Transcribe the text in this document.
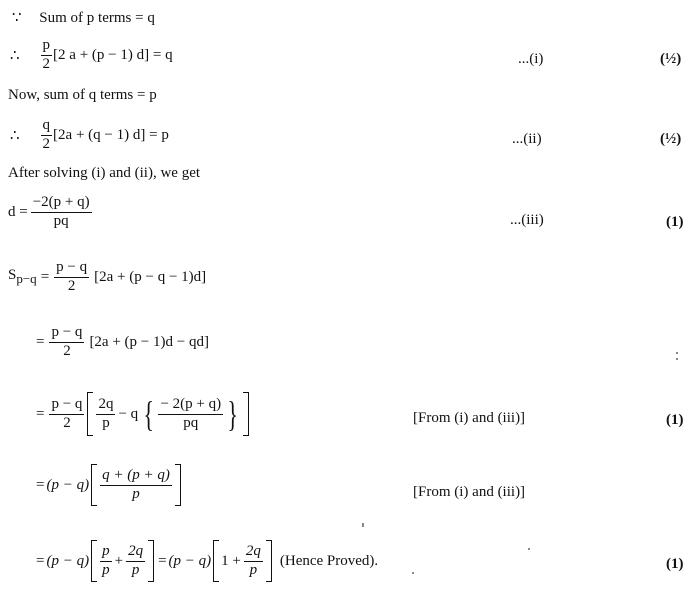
∵ Sum of p terms = q
∴ $\frac{p}{2} [2$ a + (p − 1) d] = q	...(i)	(½)
Now, sum of q terms = p
∴ $\frac{q}{2} [2a + (q - 1) d] = p$	...(ii)	(½)
After solving (i) and (ii), we get
$d = \frac{-2(p + q)}{pq}$	...(iii)	(1)
$S_{p-q} = \frac{p - q}{2} [2a + (p - q - 1)d]$
= $\frac{p - q}{2} [2a + (p - 1)d - qd]$
= $\frac{p - q}{2} \frac{2q}{p} - q$ { $\frac{- 2(p + q)}{pq}$ }	[From (i) and (iii)]	(1)
= $(p - q) \frac{q + (p + q)}{p}$	[From (i) and (iii)]
= $(p - q) \frac{p}{p} + \frac{2q}{p} = (p - q) 1 + \frac{2q}{p}$ (Hence Proved).	(1)
